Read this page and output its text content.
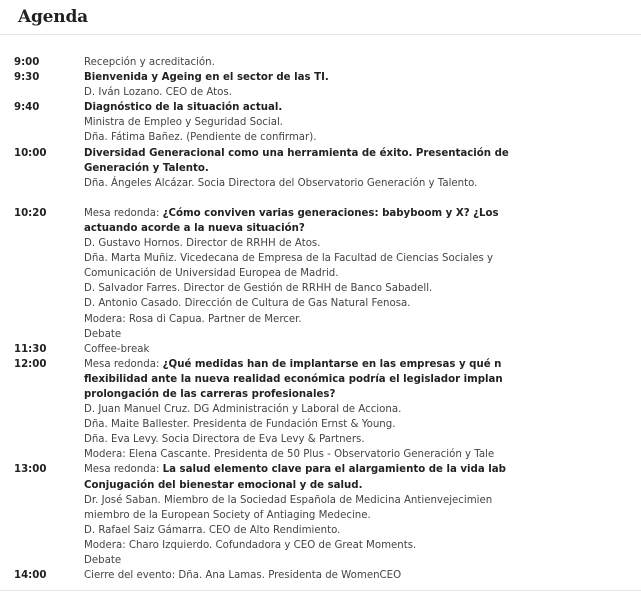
Agenda
9:00	Recepción y acreditación.
9:30	Bienvenida y Ageing en el sector de las TI.
D. Iván Lozano. CEO de Atos.
9:40	Diagnóstico de la situación actual.
Ministra de Empleo y Seguridad Social.
Dña. Fátima Bañez. (Pendiente de confirmar).
10:00	Diversidad Generacional como una herramienta de éxito. Presentación de
Generación y Talento.
Dña. Ángeles Alcázar. Socia Directora del Observatorio Generación y Talento.
10:20	Mesa redonda: ¿Cómo conviven varias generaciones: babyboom y X? ¿Los
actuando acorde a la nueva situación?
D. Gustavo Hornos. Director de RRHH de Atos.
Dña. Marta Muñiz. Vicedecana de Empresa de la Facultad de Ciencias Sociales y
Comunicación de Universidad Europea de Madrid.
D. Salvador Farres. Director de Gestión de RRHH de Banco Sabadell.
D. Antonio Casado. Dirección de Cultura de Gas Natural Fenosa.
Modera: Rosa di Capua. Partner de Mercer.
Debate
11:30	Coffee-break
12:00	Mesa redonda: ¿Qué medidas han de implantarse en las empresas y qué n
flexibilidad ante la nueva realidad económica podría el legislador implan
prolongación de las carreras profesionales?
D. Juan Manuel Cruz. DG Administración y Laboral de Acciona.
Dña. Maite Ballester. Presidenta de Fundación Ernst & Young.
Dña. Eva Levy. Socia Directora de Eva Levy & Partners.
Modera: Elena Cascante. Presidenta de 50 Plus - Observatorio Generación y Tale
13:00	Mesa redonda: La salud elemento clave para el alargamiento de la vida lab
Conjugación del bienestar emocional y de salud.
Dr. José Saban. Miembro de la Sociedad Española de Medicina Antienvejecimien
miembro de la European Society of Antiaging Medecine.
D. Rafael Saiz Gámarra. CEO de Alto Rendimiento.
Modera: Charo Izquierdo. Cofundadora y CEO de Great Moments.
Debate
14:00	Cierre del evento: Dña. Ana Lamas. Presidenta de WomenCEO
